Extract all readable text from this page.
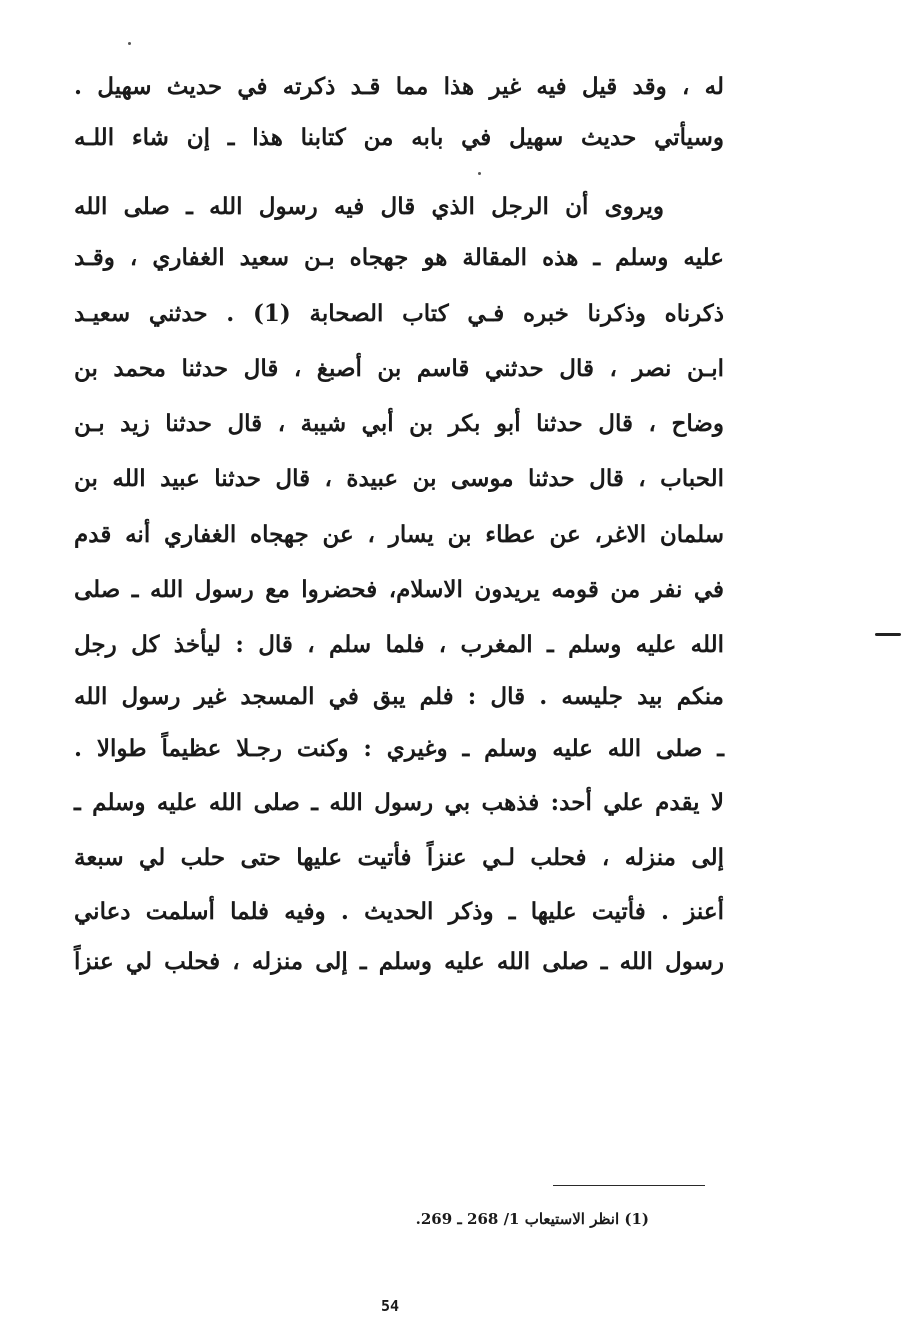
له ، وقد قيل فيه غير هذا مما قـد ذكرته في حديث سهيل .
وسيأتي حديث سهيل في بابه من كتابنا هذا ـ إن شاء اللـه
ويروى أن الرجل الذي قال فيه رسول الله ـ صلى الله
عليه وسلم ـ هذه المقالة هو جهجاه بـن سعيد الغفاري ، وقـد
ذكرناه وذكرنا خبره فـي كتاب الصحابة (1) . حدثني سعيـد
ابـن نصر ، قال حدثني قاسم بن أصبغ ، قال حدثنا محمد بن
وضاح ، قال حدثنا أبو بكر بن أبي شيبة ، قال حدثنا زيد بـن
الحباب ، قال حدثنا موسى بن عبيدة ، قال حدثنا عبيد الله بن
سلمان الاغر، عن عطاء بن يسار ، عن جهجاه الغفاري أنه قدم
في نفر من قومه يريدون الاسلام، فحضروا مع رسول الله ـ صلى
الله عليه وسلم ـ المغرب ، فلما سلم ، قال : ليأخذ كل رجل
منكم بيد جليسه . قال : فلم يبق في المسجد غير رسول الله
ـ صلى الله عليه وسلم ـ وغيري : وكنت رجـلا عظيماً طوالا .
لا يقدم علي أحد: فذهب بي رسول الله ـ صلى الله عليه وسلم ـ
إلى منزله ، فحلب لـي عنزاً فأتيت عليها حتى حلب لي سبعة
أعنز . فأتيت عليها ـ وذكر الحديث . وفيه فلما أسلمت دعاني
رسول الله ـ صلى الله عليه وسلم ـ إلى منزله ، فحلب لي عنزاً
(1) انظر الاستيعاب 1/ 268 ـ 269.
54
